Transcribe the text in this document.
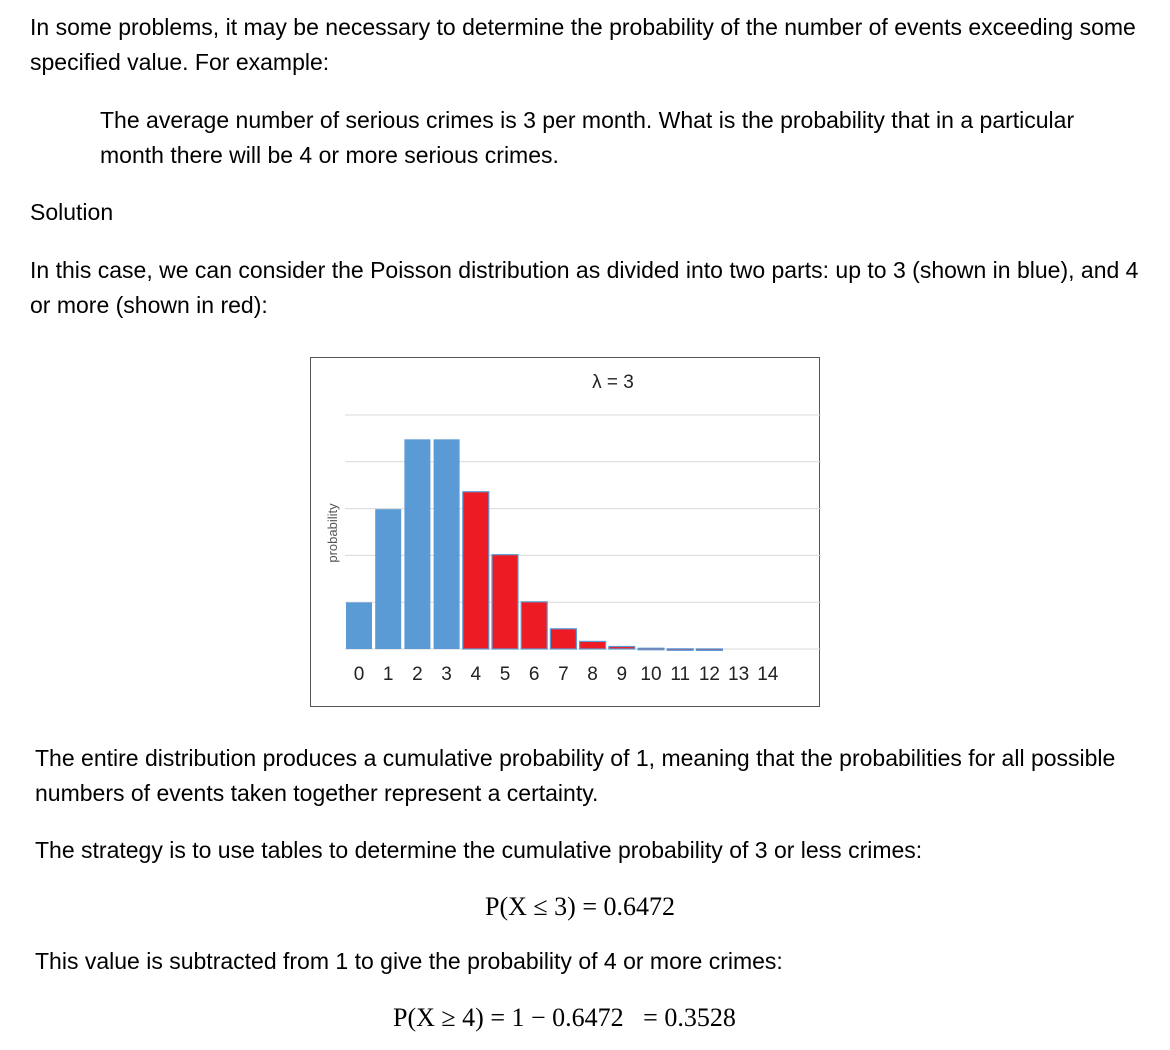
In some problems, it may be necessary to determine the probability of the number of events exceeding some specified value. For example:

The average number of serious crimes is 3 per month. What is the probability that in a particular month there will be 4 or more serious crimes.

Solution

In this case, we can consider the Poisson distribution as divided into two parts: up to 3 (shown in blue), and 4 or more (shown in red):

0 1 2 3 4 5 6 7 8 9 10 11 12 13 14
λ = 3
probability

The entire distribution produces a cumulative probability of 1, meaning that the probabilities for all possible numbers of events taken together represent a certainty.

The strategy is to use tables to determine the cumulative probability of 3 or less crimes:

P(X ≤ 3) = 0.6472

This value is subtracted from 1 to give the probability of 4 or more crimes:

P(X ≥ 4) = 1 − 0.6472 = 0.3528
